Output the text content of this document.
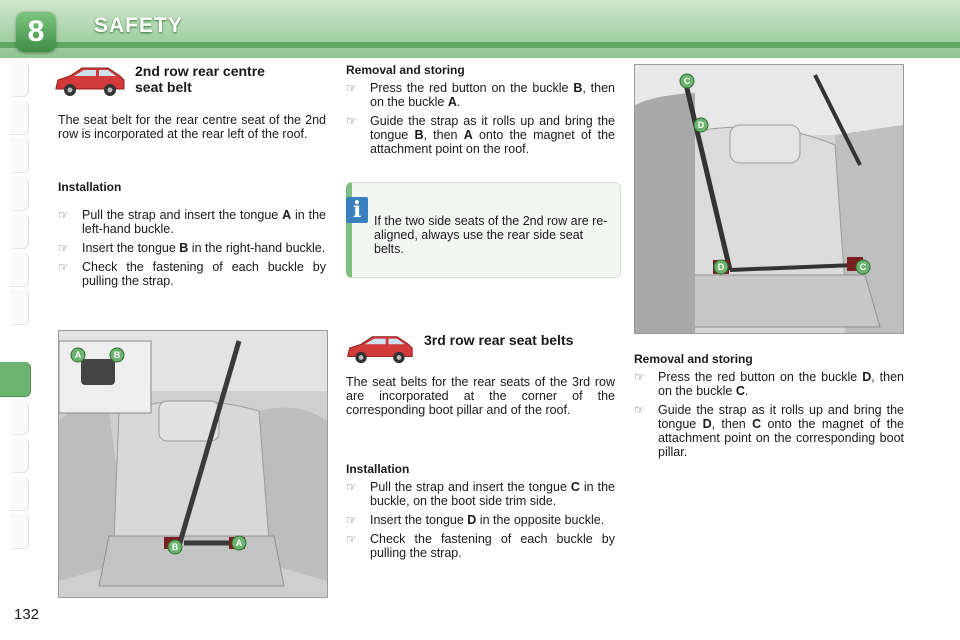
8	SAFETY
2nd row rear centre
seat belt
The seat belt for the rear centre seat of the 2nd row is incorporated at the rear left of the roof.
Installation
☞ Pull the strap and insert the tongue A in the left-hand buckle.
☞ Insert the tongue B in the right-hand buckle.
☞ Check the fastening of each buckle by pulling the strap.
Removal and storing
☞ Press the red button on the buckle B, then on the buckle A.
☞ Guide the strap as it rolls up and bring the tongue B, then A onto the magnet of the attachment point on the roof.
i	If the two side seats of the 2nd row are re-aligned, always use the rear side seat belts.
3rd row rear seat belts
The seat belts for the rear seats of the 3rd row are incorporated at the corner of the corresponding boot pillar and of the roof.
Installation
☞ Pull the strap and insert the tongue C in the buckle, on the boot side trim side.
☞ Insert the tongue D in the opposite buckle.
☞ Check the fastening of each buckle by pulling the strap.
Removal and storing
☞ Press the red button on the buckle D, then on the buckle C.
☞ Guide the strap as it rolls up and bring the tongue D, then C onto the magnet of the attachment point on the corresponding boot pillar.
A	B
B	A
C
D
D	C
132
